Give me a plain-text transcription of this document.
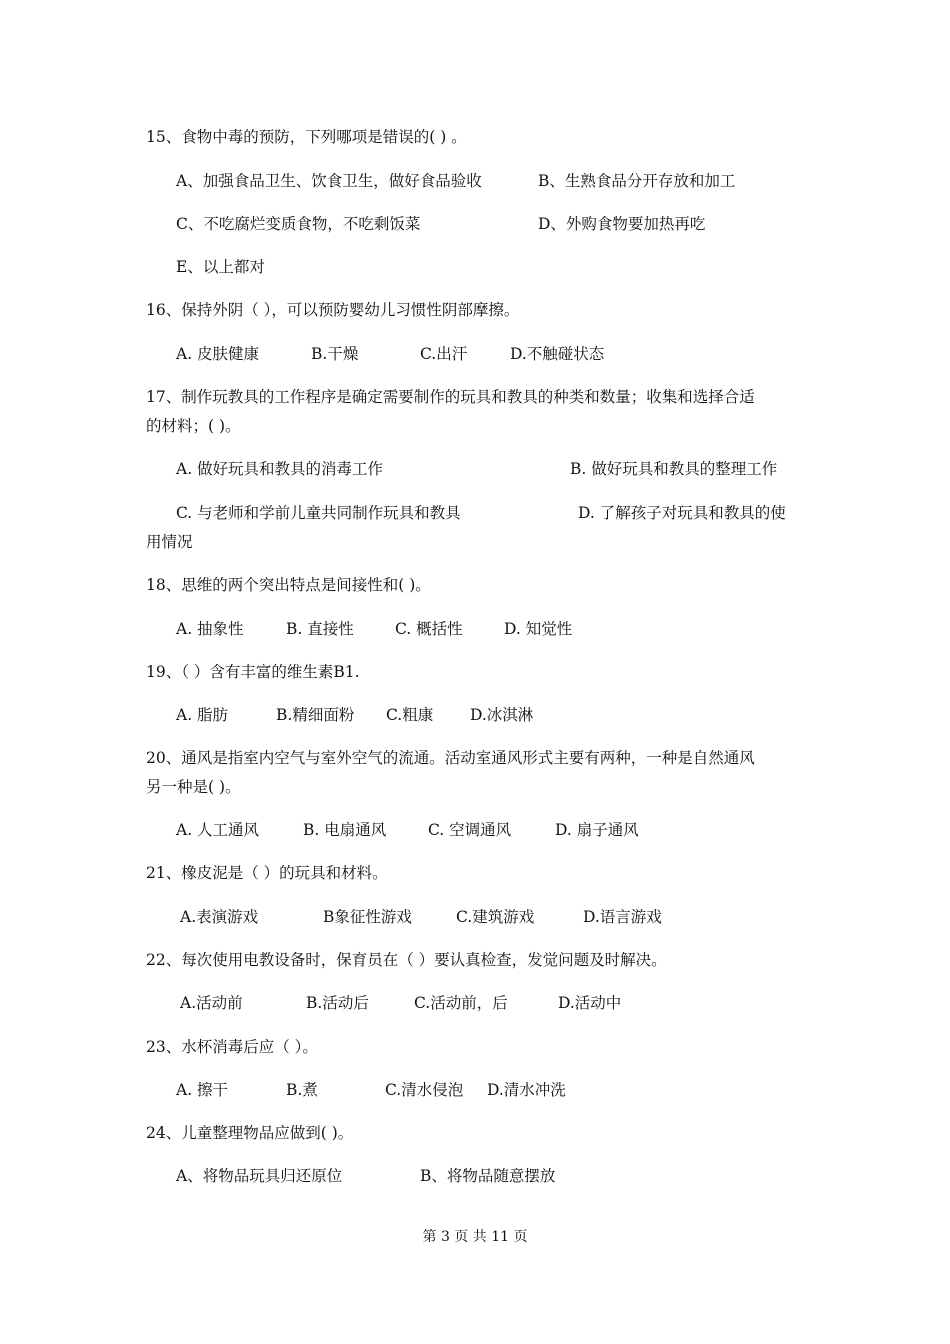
15、食物中毒的预防，下列哪项是错误的( ) 。
A、加强食品卫生、饮食卫生，做好食品验收	B、生熟食品分开存放和加工
C、不吃腐烂变质食物，不吃剩饭菜	D、外购食物要加热再吃
E、以上都对
16、保持外阴（ ），可以预防婴幼儿习惯性阴部摩擦。
A. 皮肤健康	B.干燥	C.出汗	D.不触碰状态
17、制作玩教具的工作程序是确定需要制作的玩具和教具的种类和数量；收集和选择合适
的材料；( )。
A. 做好玩具和教具的消毒工作	B. 做好玩具和教具的整理工作
C. 与老师和学前儿童共同制作玩具和教具	D. 了解孩子对玩具和教具的使
用情况
18、思维的两个突出特点是间接性和( )。
A. 抽象性	B. 直接性	C. 概括性	D. 知觉性
19、（ ）含有丰富的维生素B1.
A. 脂肪	B.精细面粉 C.粗康 D.冰淇淋
20、通风是指室内空气与室外空气的流通。活动室通风形式主要有两种，一种是自然通风
另一种是( )。
A. 人工通风	B. 电扇通风	C. 空调通风	D. 扇子通风
21、橡皮泥是（ ）的玩具和材料。
A.表演游戏	B象征性游戏	C.建筑游戏	D.语言游戏
22、每次使用电教设备时，保育员在（ ）要认真检查，发觉问题及时解决。
A.活动前	B.活动后	C.活动前，后	D.活动中
23、水杯消毒后应（ ）。
A. 擦干	B.煮	C.清水侵泡 D.清水冲洗
24、儿童整理物品应做到( )。
A、将物品玩具归还原位	B、将物品随意摆放
第 3 页 共 11 页
